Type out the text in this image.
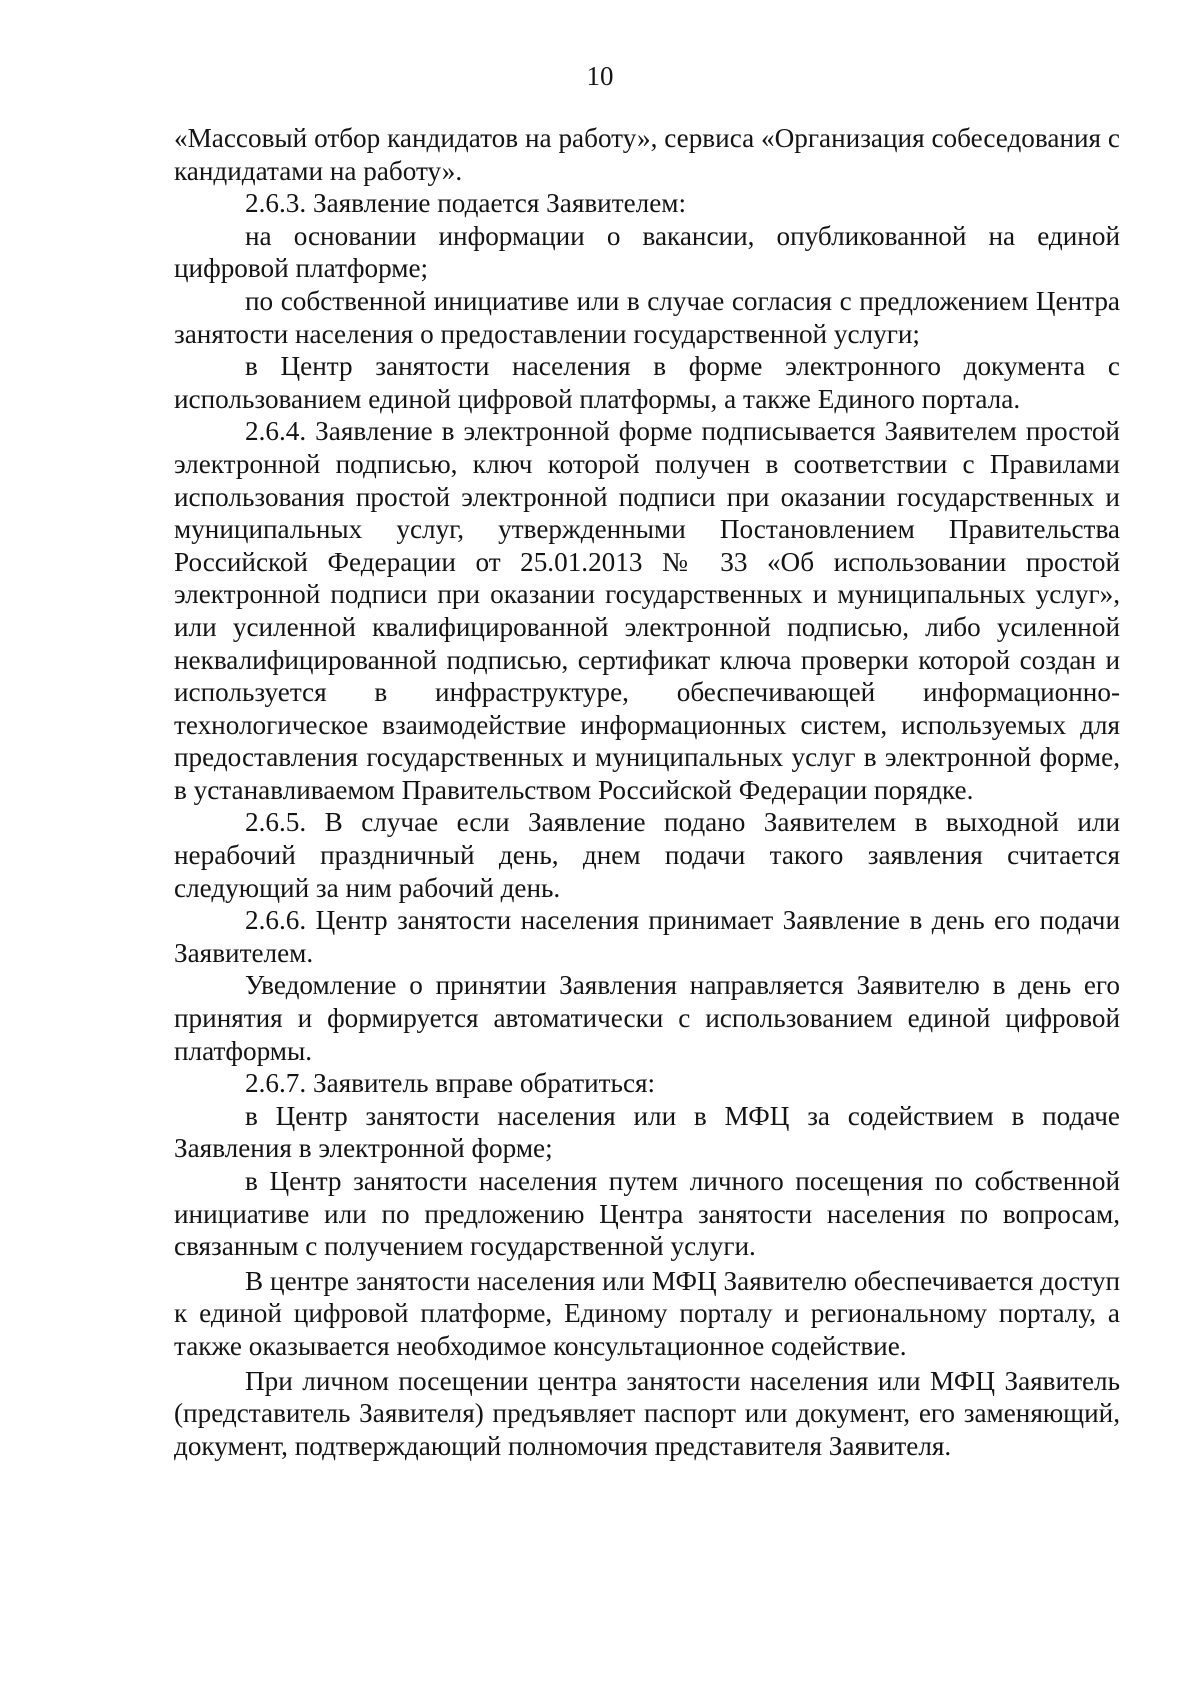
10

«Массовый отбор кандидатов на работу», сервиса «Организация собеседования с кандидатами на работу».

2.6.3. Заявление подается Заявителем:

на основании информации о вакансии, опубликованной на единой цифровой платформе;

по собственной инициативе или в случае согласия с предложением Центра занятости населения о предоставлении государственной услуги;

в Центр занятости населения в форме электронного документа с использованием единой цифровой платформы, а также Единого портала.

2.6.4. Заявление в электронной форме подписывается Заявителем простой электронной подписью, ключ которой получен в соответствии с Правилами использования простой электронной подписи при оказании государственных и муниципальных услуг, утвержденными Постановлением Правительства Российской Федерации от 25.01.2013 № 33 «Об использовании простой электронной подписи при оказании государственных и муниципальных услуг», или усиленной квалифицированной электронной подписью, либо усиленной неквалифицированной подписью, сертификат ключа проверки которой создан и используется в инфраструктуре, обеспечивающей информационно-технологическое взаимодействие информационных систем, используемых для предоставления государственных и муниципальных услуг в электронной форме, в устанавливаемом Правительством Российской Федерации порядке.

2.6.5. В случае если Заявление подано Заявителем в выходной или нерабочий праздничный день, днем подачи такого заявления считается следующий за ним рабочий день.

2.6.6. Центр занятости населения принимает Заявление в день его подачи Заявителем.

Уведомление о принятии Заявления направляется Заявителю в день его принятия и формируется автоматически с использованием единой цифровой платформы.

2.6.7. Заявитель вправе обратиться:

в Центр занятости населения или в МФЦ за содействием в подаче Заявления в электронной форме;

в Центр занятости населения путем личного посещения по собственной инициативе или по предложению Центра занятости населения по вопросам, связанным с получением государственной услуги.

В центре занятости населения или МФЦ Заявителю обеспечивается доступ к единой цифровой платформе, Единому порталу и региональному порталу, а также оказывается необходимое консультационное содействие.

При личном посещении центра занятости населения или МФЦ Заявитель (представитель Заявителя) предъявляет паспорт или документ, его заменяющий, документ, подтверждающий полномочия представителя Заявителя.
